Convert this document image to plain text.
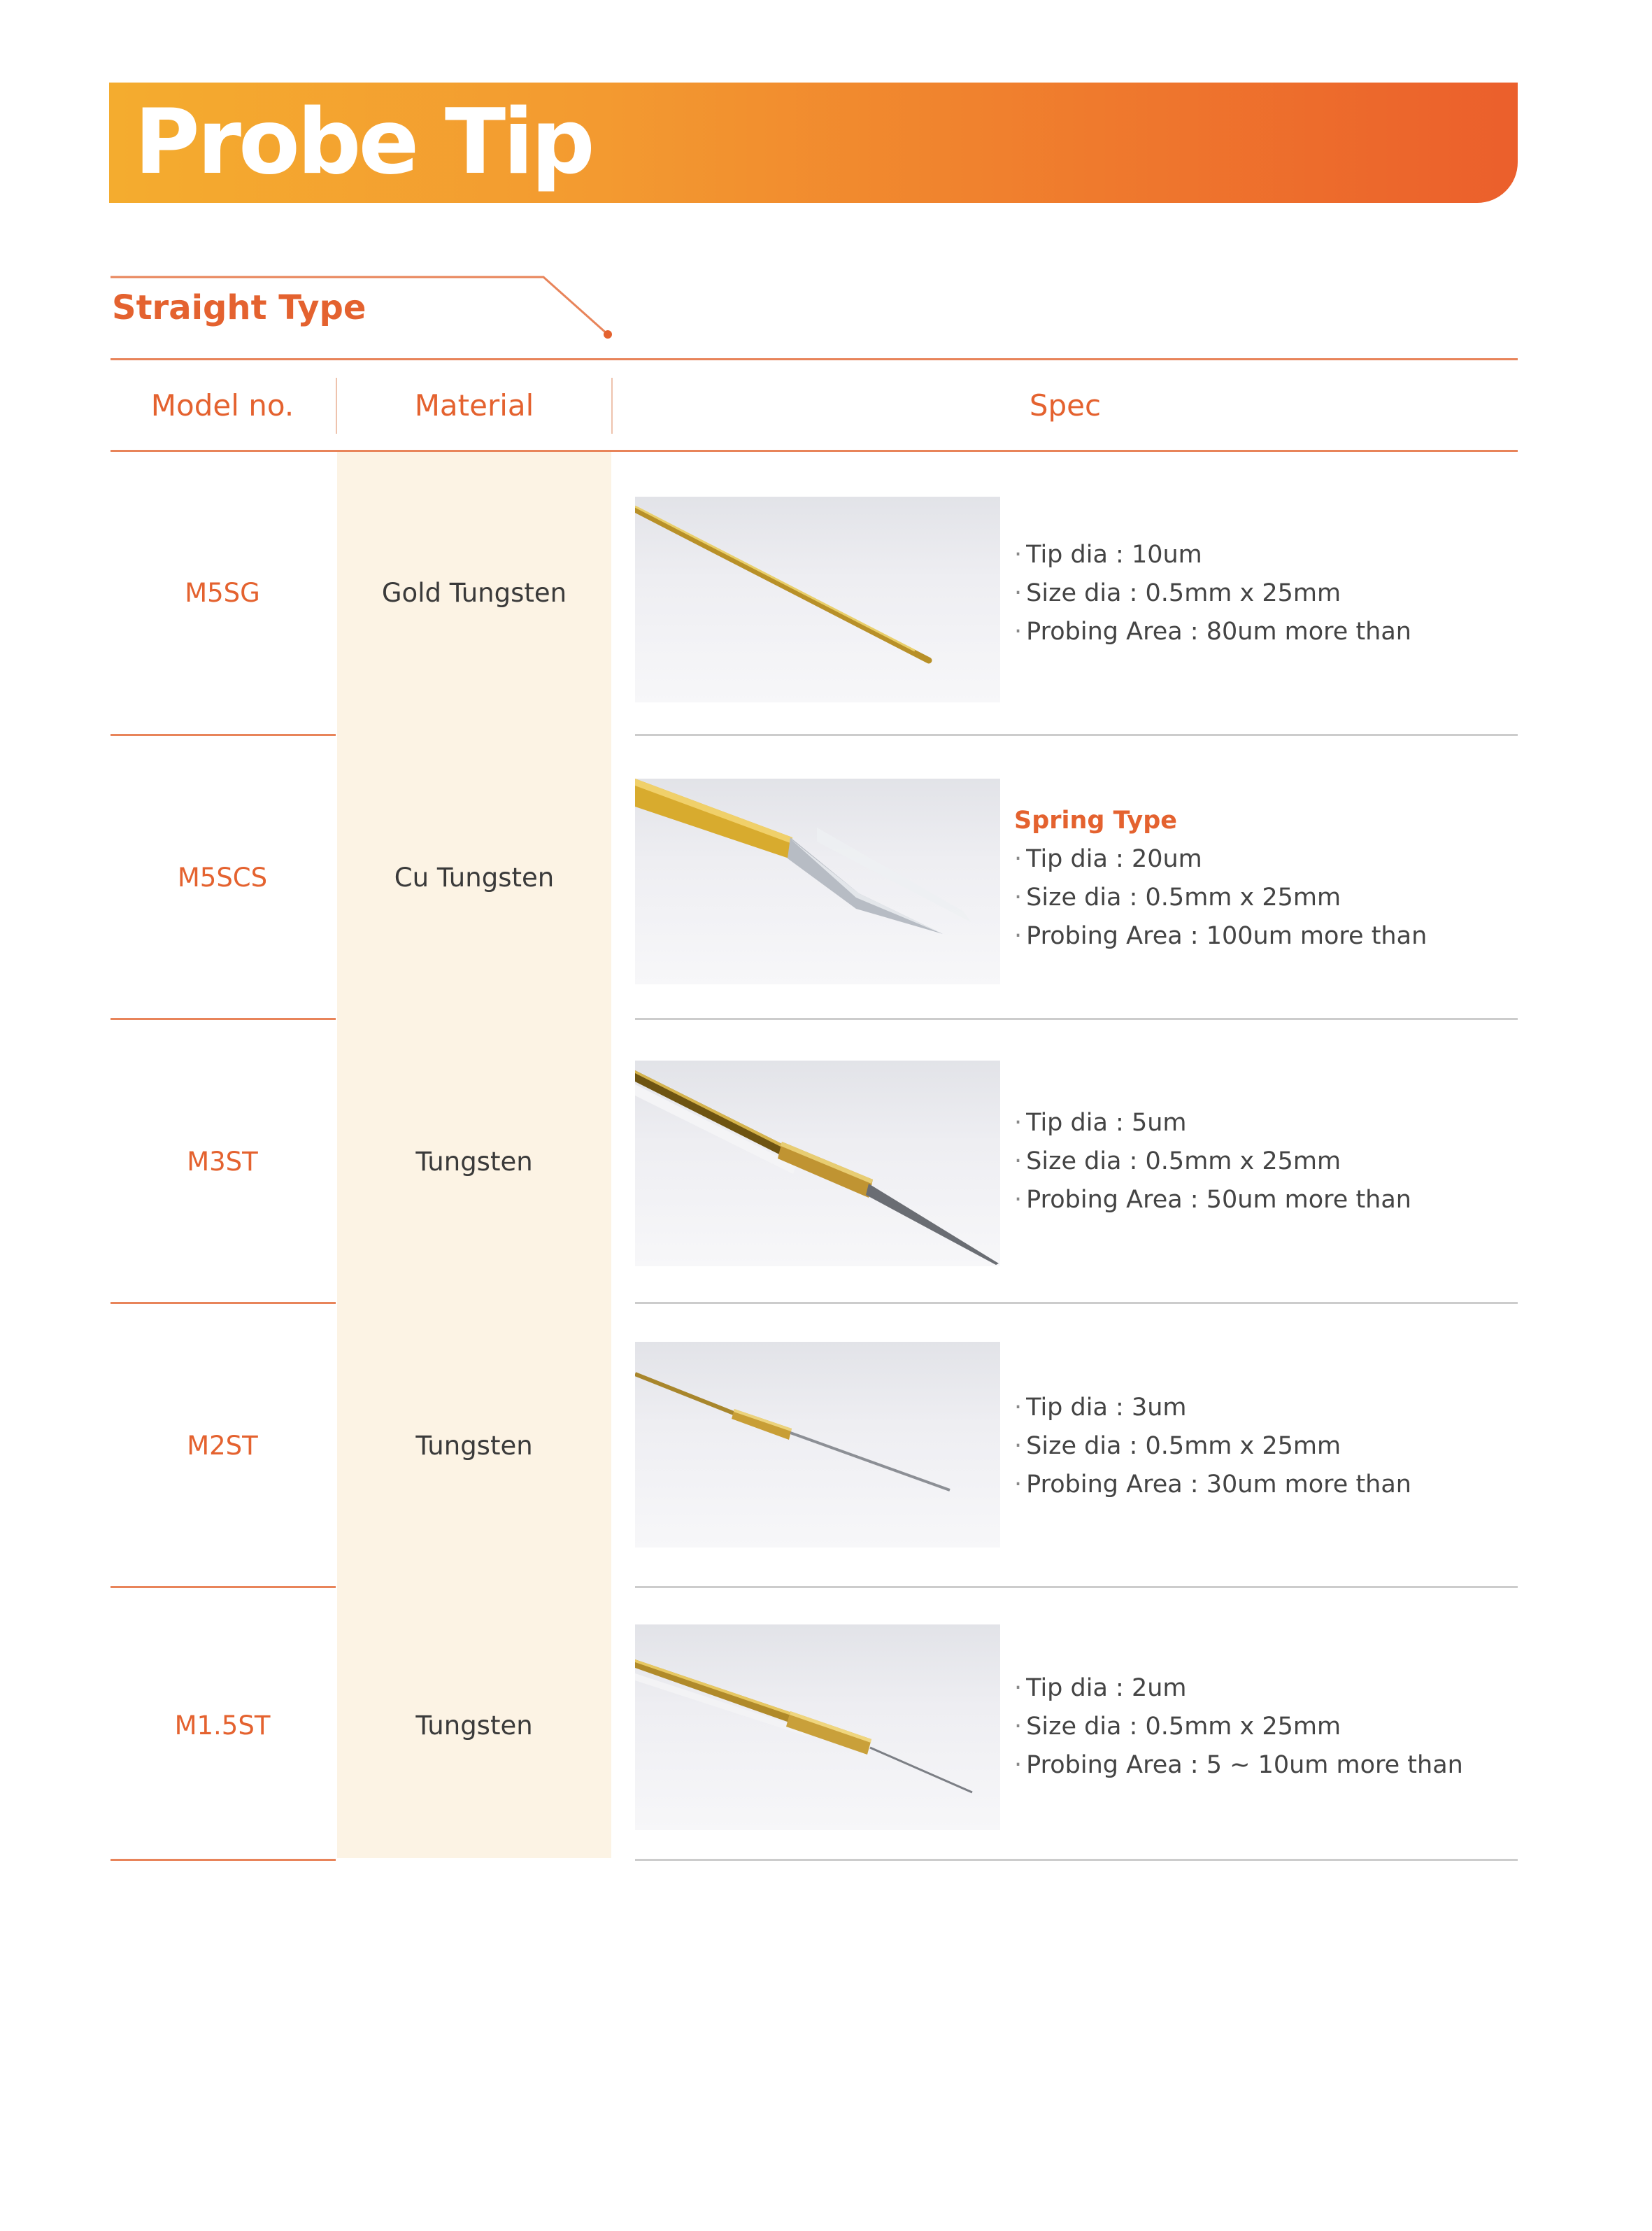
Probe Tip
Straight Type
Model no.	Material	Spec
M5SG	Gold Tungsten
· Tip dia : 10um
· Size dia : 0.5mm x 25mm
· Probing Area : 80um more than
M5SCS	Cu Tungsten
Spring Type
· Tip dia : 20um
· Size dia : 0.5mm x 25mm
· Probing Area : 100um more than
M3ST	Tungsten
· Tip dia : 5um
· Size dia : 0.5mm x 25mm
· Probing Area : 50um more than
M2ST	Tungsten
· Tip dia : 3um
· Size dia : 0.5mm x 25mm
· Probing Area : 30um more than
M1.5ST	Tungsten
· Tip dia : 2um
· Size dia : 0.5mm x 25mm
· Probing Area : 5 ~ 10um more than
